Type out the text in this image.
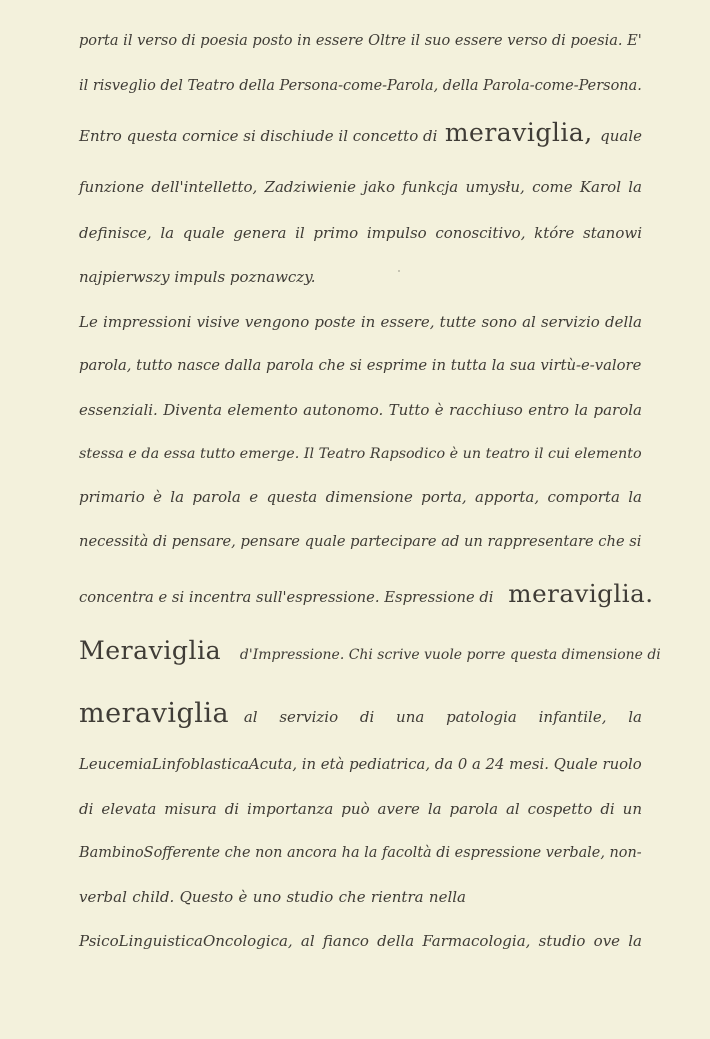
porta il verso di poesia posto in essere Oltre il suo essere verso di poesia. E'
il risveglio del Teatro della Persona-come-Parola, della Parola-come-Persona.
Entro questa cornice si dischiude il concetto di meraviglia, quale
funzione dell'intelletto, Zadziwienie jako funkcja umysłu, come Karol la
definisce, la quale genera il primo impulso conoscitivo, które stanowi
najpierwszy impuls poznawczy.
Le impressioni visive vengono poste in essere, tutte sono al servizio della
parola, tutto nasce dalla parola che si esprime in tutta la sua virtù-e-valore
essenziali. Diventa elemento autonomo. Tutto è racchiuso entro la parola
stessa e da essa tutto emerge. Il Teatro Rapsodico è un teatro il cui elemento
primario è la parola e questa dimensione porta, apporta, comporta la
necessità di pensare, pensare quale partecipare ad un rappresentare che si
concentra e si incentra sull'espressione. Espressione di meraviglia.
Meraviglia d'Impressione. Chi scrive vuole porre questa dimensione di
meraviglia al servizio di una patologia infantile, la
LeucemiaLinfoblasticaAcuta, in età pediatrica, da 0 a 24 mesi. Quale ruolo
di elevata misura di importanza può avere la parola al cospetto di un
BambinoSofferente che non ancora ha la facoltà di espressione verbale, non-
verbal child. Questo è uno studio che rientra nella
PsicoLinguisticaOncologica, al fianco della Farmacologia, studio ove la
